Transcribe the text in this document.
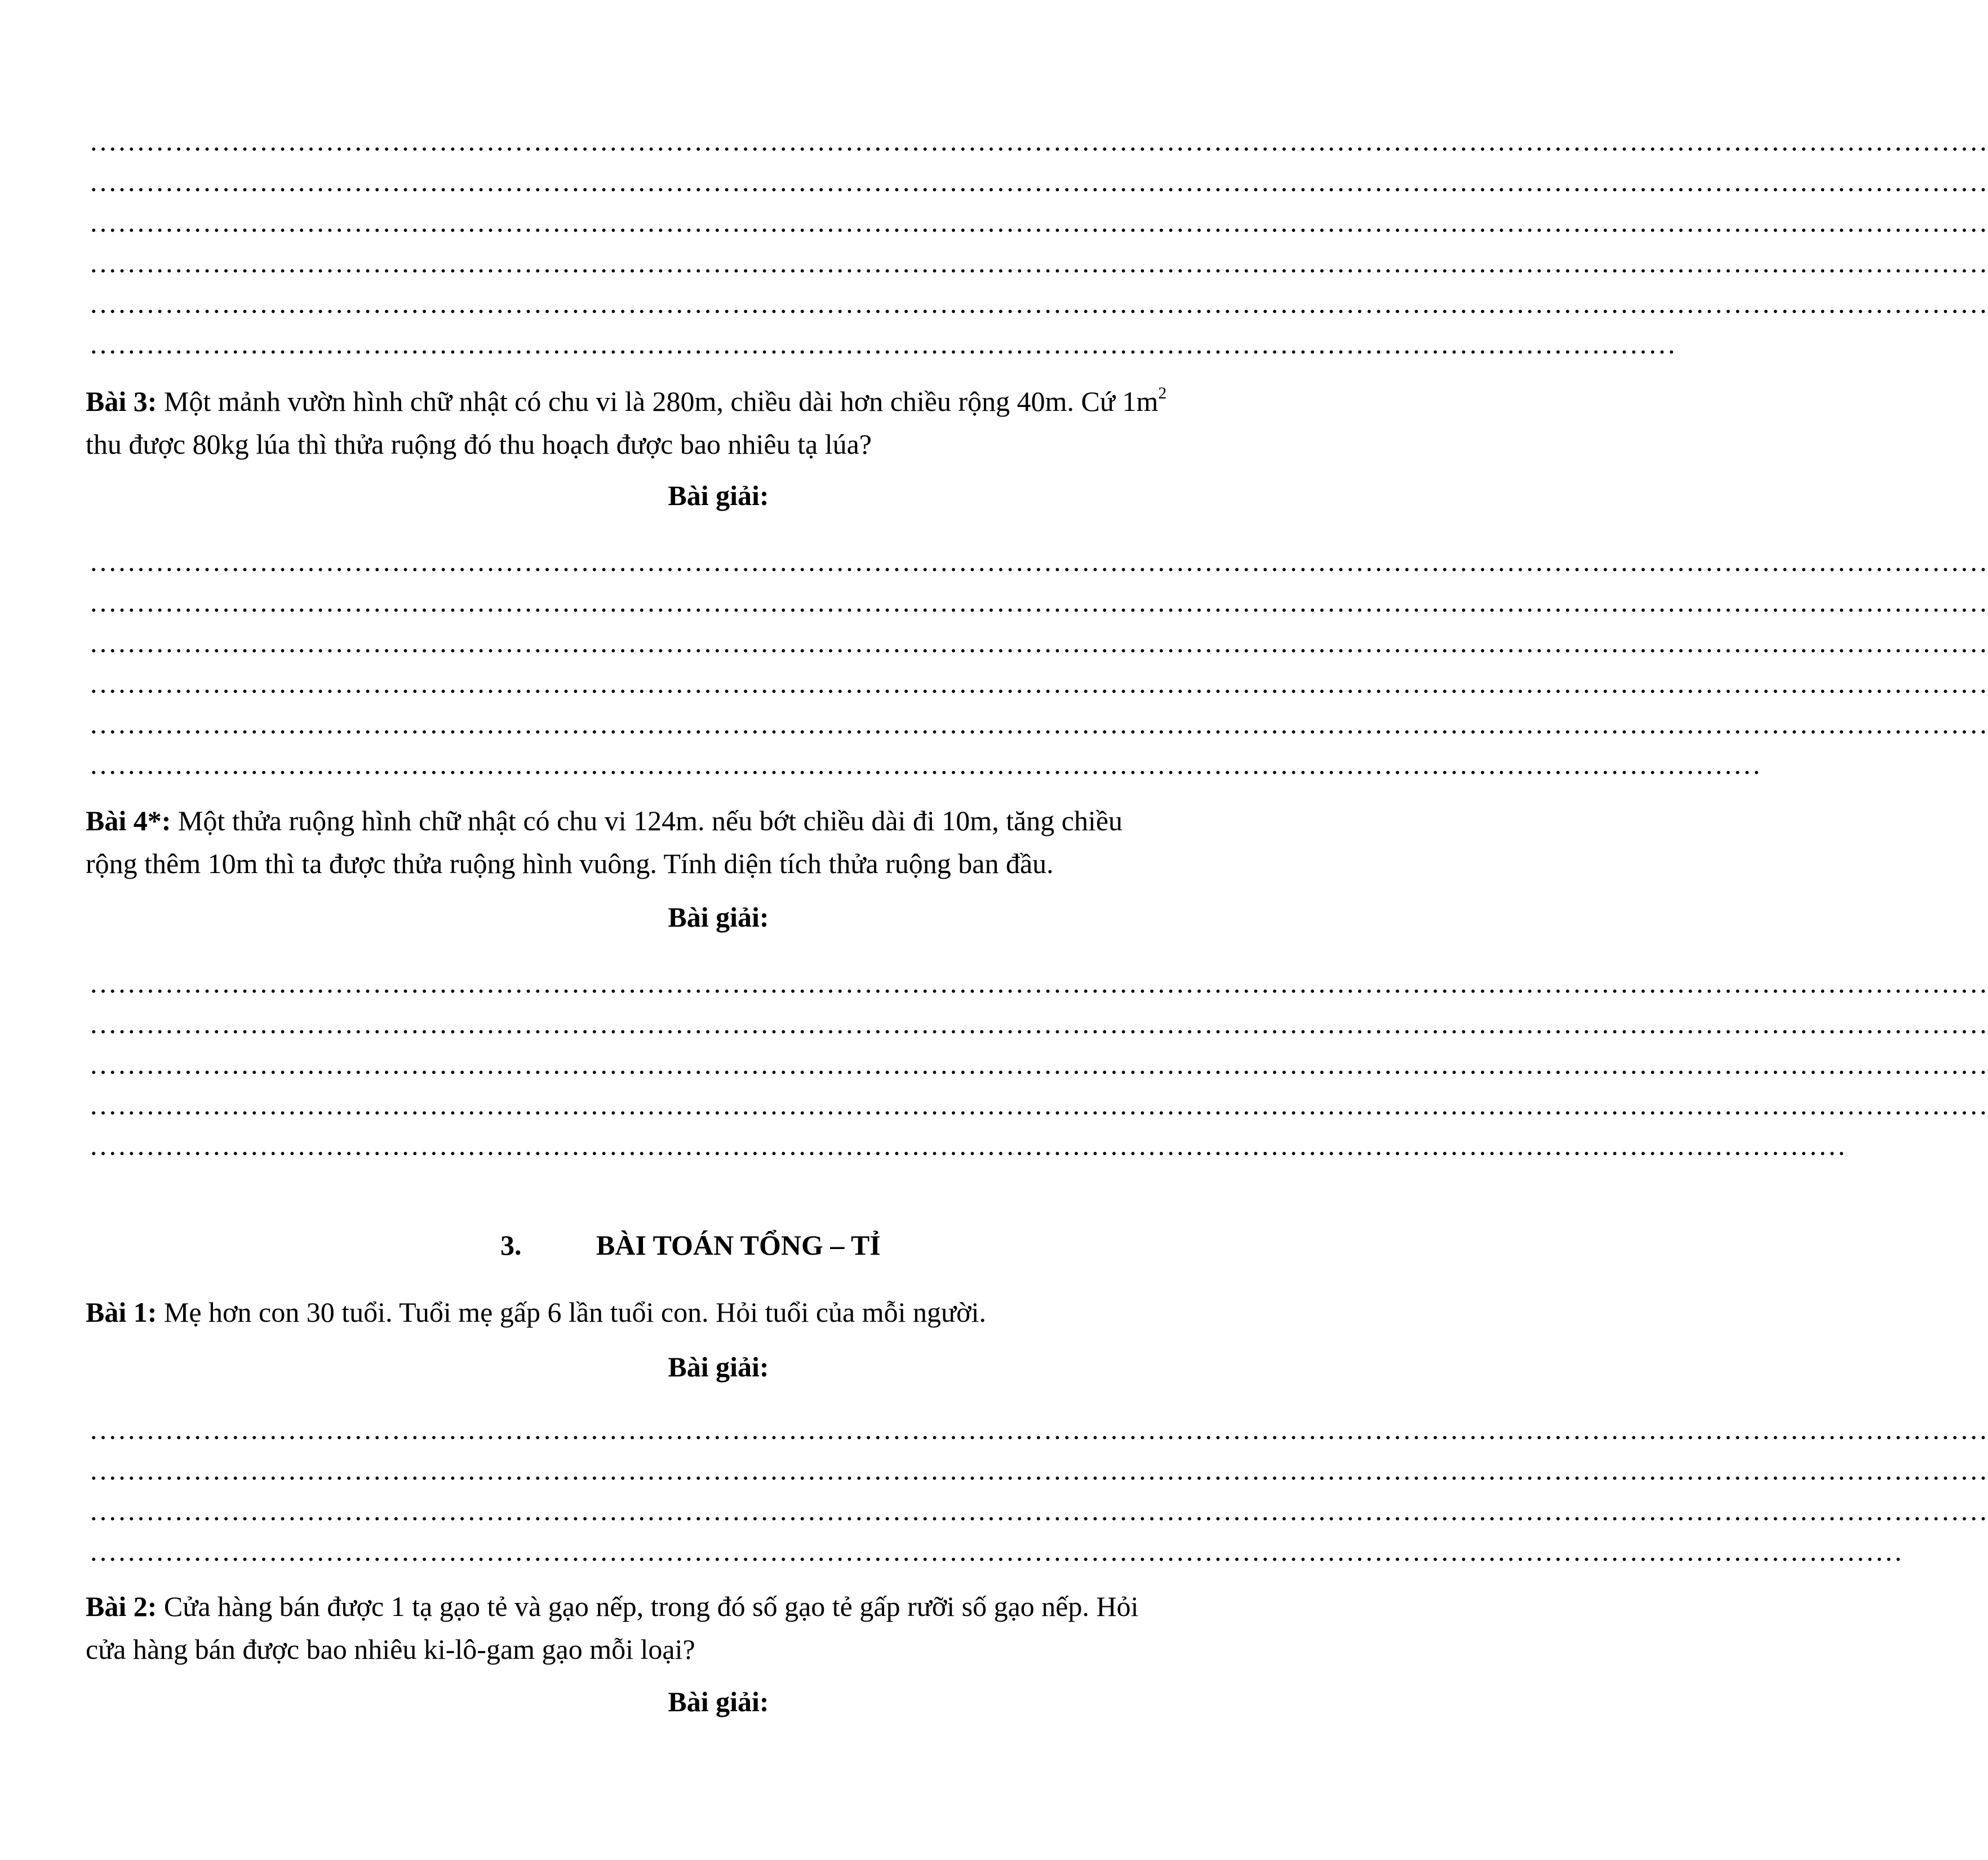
…………………………………………………………………………………………………………………………………………………………………………………
…………………………………………………………………………………………………………………………………………………………………………………
…………………………………………………………………………………………………………………………………………………………………………………
…………………………………………………………………………………………………………………………………………………………………………………
…………………………………………………………………………………………………………………………………………………………………………………
……………………………………………………………………………………………………………………………………………………
Bài 3: Một mảnh vườn hình chữ nhật có chu vi là 280m, chiều dài hơn chiều rộng 40m. Cứ $1m^2$
thu được 80kg lúa thì thửa ruộng đó thu hoạch được bao nhiêu tạ lúa?
Bài giải:
…………………………………………………………………………………………………………………………………………………………………………………
…………………………………………………………………………………………………………………………………………………………………………………
…………………………………………………………………………………………………………………………………………………………………………………
…………………………………………………………………………………………………………………………………………………………………………………
…………………………………………………………………………………………………………………………………………………………………………………
……………………………………………………………………………………………………………………………………………………………
Bài 4*: Một thửa ruộng hình chữ nhật có chu vi 124m. nếu bớt chiều dài đi 10m, tăng chiều
rộng thêm 10m thì ta được thửa ruộng hình vuông. Tính diện tích thửa ruộng ban đầu.
Bài giải:
…………………………………………………………………………………………………………………………………………………………………………………
…………………………………………………………………………………………………………………………………………………………………………………
…………………………………………………………………………………………………………………………………………………………………………………
…………………………………………………………………………………………………………………………………………………………………………………
……………………………………………………………………………………………………………………………………………………………………
3.	BÀI TOÁN TỔNG – TỈ
Bài 1: Mẹ hơn con 30 tuổi. Tuổi mẹ gấp 6 lần tuổi con. Hỏi tuổi của mỗi người.
Bài giải:
…………………………………………………………………………………………………………………………………………………………………………………
…………………………………………………………………………………………………………………………………………………………………………………
…………………………………………………………………………………………………………………………………………………………………………………
…………………………………………………………………………………………………………………………………………………………………………
Bài 2: Cửa hàng bán được 1 tạ gạo tẻ và gạo nếp, trong đó số gạo tẻ gấp rưỡi số gạo nếp. Hỏi
cửa hàng bán được bao nhiêu ki-lô-gam gạo mỗi loại?
Bài giải:
